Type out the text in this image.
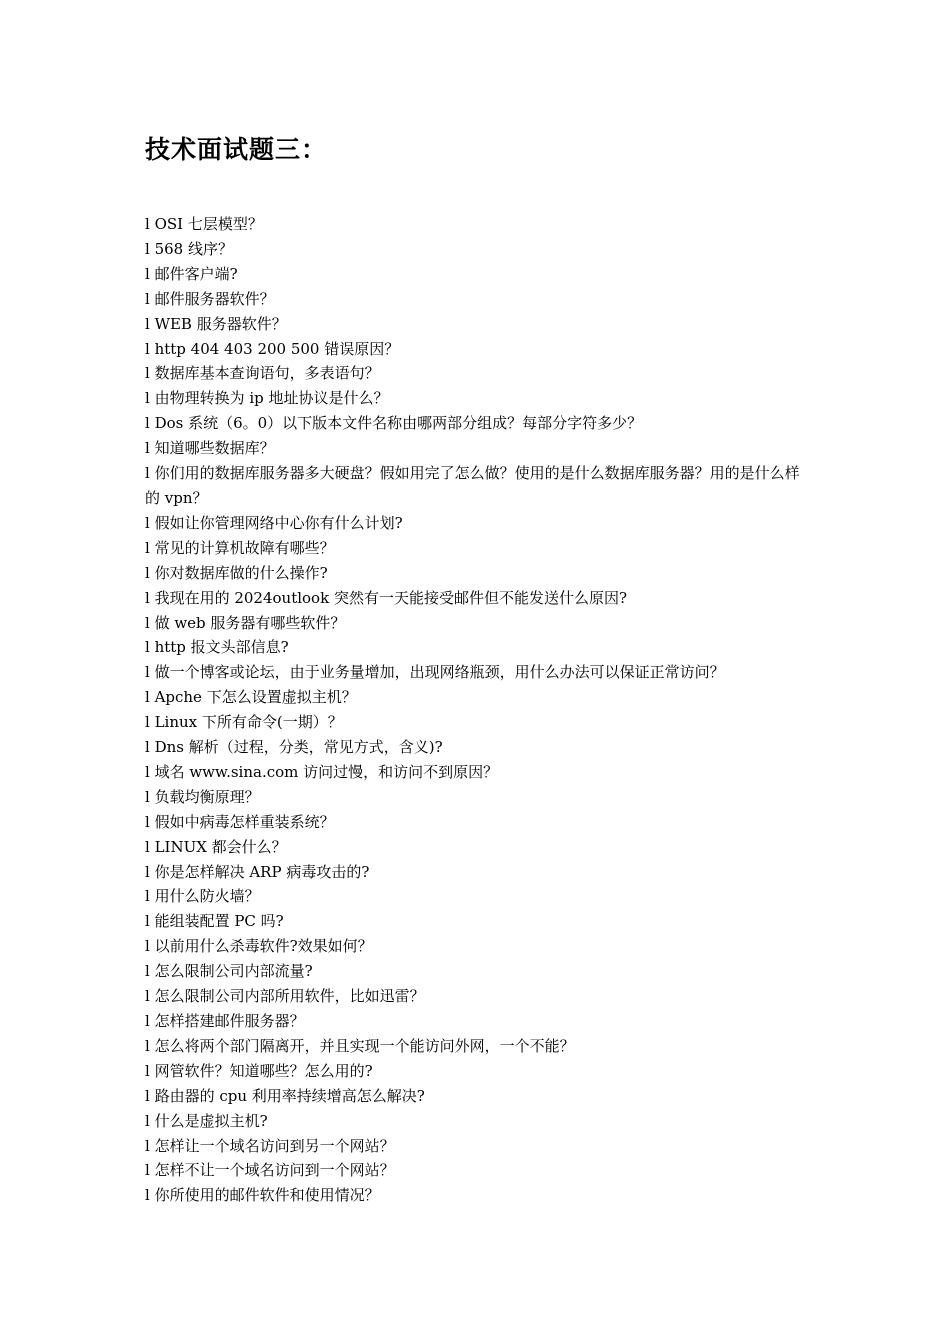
技术面试题三：
l OSI 七层模型？
l 568 线序？
l 邮件客户端?
l 邮件服务器软件？
l WEB 服务器软件？
l http 404 403 200 500 错误原因？
l 数据库基本查询语句，多表语句？
l 由物理转换为 ip 地址协议是什么？
l Dos 系统（6。0）以下版本文件名称由哪两部分组成？每部分字符多少？
l 知道哪些数据库？
l 你们用的数据库服务器多大硬盘？假如用完了怎么做？使用的是什么数据库服务器？用的是什么样的 vpn？
l 假如让你管理网络中心你有什么计划?
l 常见的计算机故障有哪些？
l 你对数据库做的什么操作?
l 我现在用的 2024outlook 突然有一天能接受邮件但不能发送什么原因?
l 做 web 服务器有哪些软件？
l http 报文头部信息?
l 做一个博客或论坛，由于业务量增加，出现网络瓶颈，用什么办法可以保证正常访问？
l Apche 下怎么设置虚拟主机？
l Linux 下所有命令(一期）？
l Dns 解析（过程，分类，常见方式，含义)?
l 域名 www.sina.com 访问过慢，和访问不到原因？
l 负载均衡原理？
l 假如中病毒怎样重装系统？
l LINUX 都会什么？
l 你是怎样解决 ARP 病毒攻击的?
l 用什么防火墙？
l 能组装配置 PC 吗?
l 以前用什么杀毒软件?效果如何？
l 怎么限制公司内部流量?
l 怎么限制公司内部所用软件，比如迅雷？
l 怎样搭建邮件服务器？
l 怎么将两个部门隔离开，并且实现一个能访问外网，一个不能？
l 网管软件？知道哪些？怎么用的?
l 路由器的 cpu 利用率持续增高怎么解决?
l 什么是虚拟主机?
l 怎样让一个域名访问到另一个网站？
l 怎样不让一个域名访问到一个网站？
l 你所使用的邮件软件和使用情况？
